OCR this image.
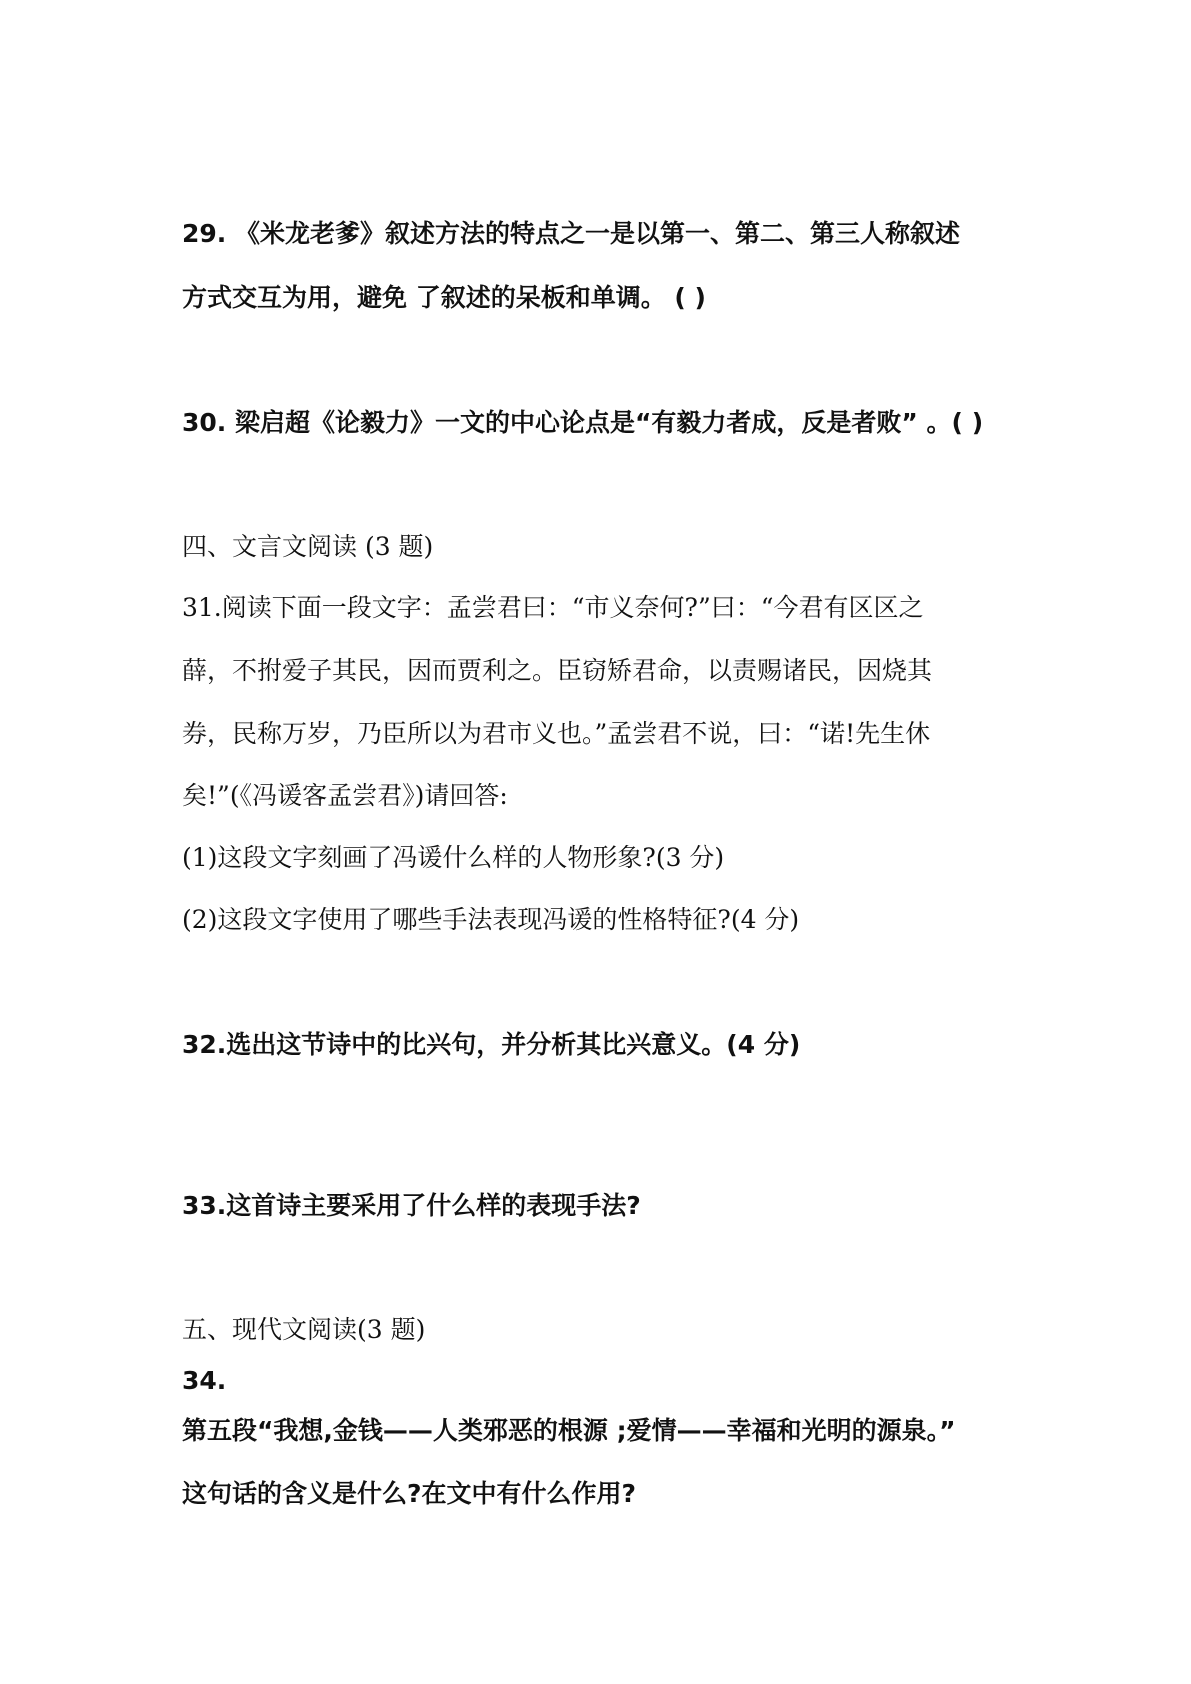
29. 《米龙老爹》叙述方法的特点之一是以第一、第二、第三人称叙述
方式交互为用，避免 了叙述的呆板和单调。 ( )
30. 梁启超《论毅力》一文的中心论点是“有毅力者成，反是者败” 。( )
四、文言文阅读 (3 题)
31.阅读下面一段文字：孟尝君曰：“市义奈何?”曰：“今君有区区之
薛，不拊爱子其民，因而贾利之。臣窃矫君命，以责赐诸民，因烧其
券，民称万岁，乃臣所以为君市义也。”孟尝君不说，曰：“诺!先生休
矣!”(《冯谖客孟尝君》)请回答:
(1)这段文字刻画了冯谖什么样的人物形象?(3 分)
(2)这段文字使用了哪些手法表现冯谖的性格特征?(4 分)
32.选出这节诗中的比兴句，并分析其比兴意义。(4 分)
33.这首诗主要采用了什么样的表现手法?
五、现代文阅读(3 题)
34.
第五段“我想,金钱——人类邪恶的根源 ;爱情——幸福和光明的源泉。”
这句话的含义是什么?在文中有什么作用?
